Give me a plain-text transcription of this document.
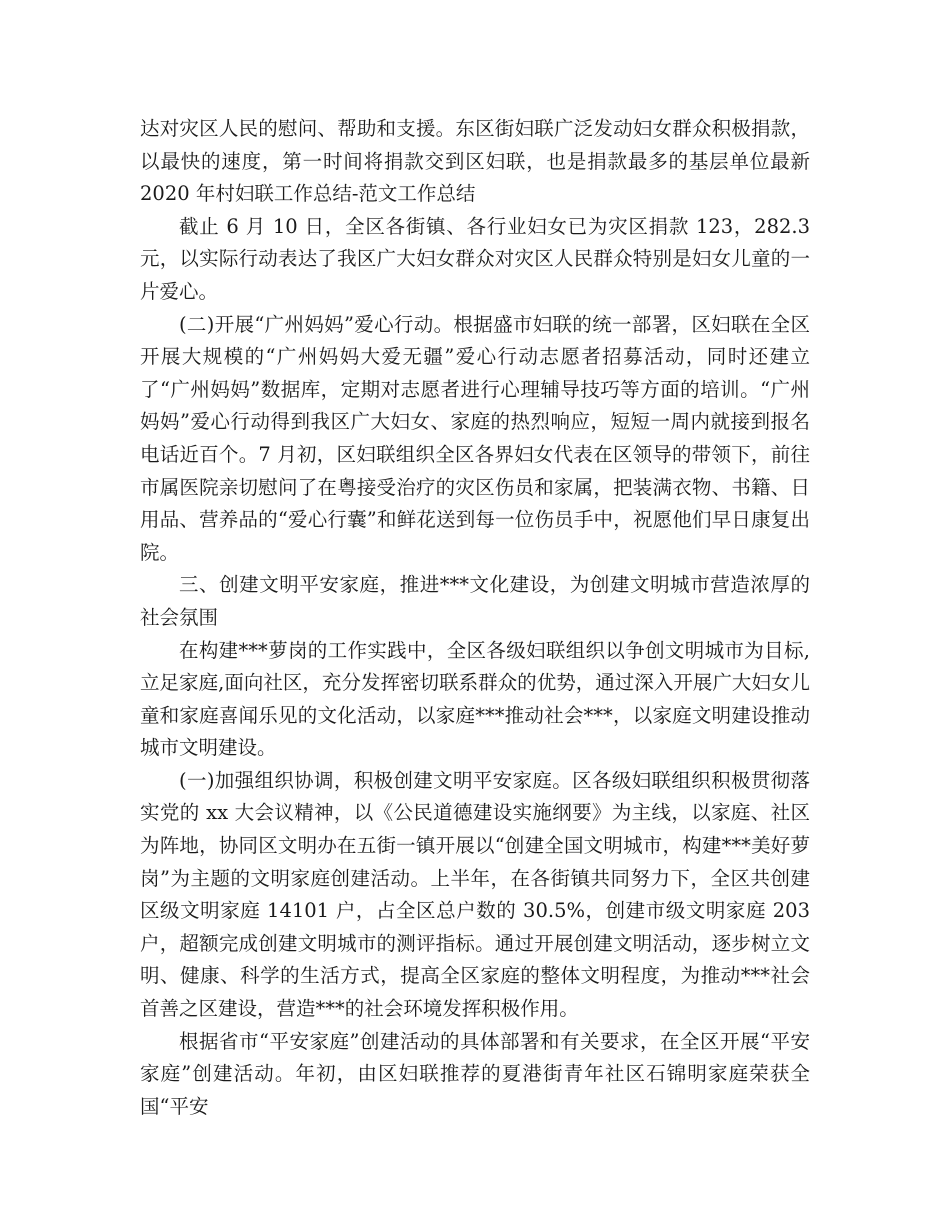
达对灾区人民的慰问、帮助和支援。东区街妇联广泛发动妇女群众积极捐款，以最快的速度，第一时间将捐款交到区妇联，也是捐款最多的基层单位最新 2020 年村妇联工作总结-范文工作总结

截止 6 月 10 日，全区各街镇、各行业妇女已为灾区捐款 123，282.3 元，以实际行动表达了我区广大妇女群众对灾区人民群众特别是妇女儿童的一片爱心。

(二)开展“广州妈妈”爱心行动。根据盛市妇联的统一部署，区妇联在全区开展大规模的“广州妈妈大爱无疆”爱心行动志愿者招募活动，同时还建立了“广州妈妈”数据库，定期对志愿者进行心理辅导技巧等方面的培训。“广州妈妈”爱心行动得到我区广大妇女、家庭的热烈响应，短短一周内就接到报名电话近百个。7 月初，区妇联组织全区各界妇女代表在区领导的带领下，前往市属医院亲切慰问了在粤接受治疗的灾区伤员和家属，把装满衣物、书籍、日用品、营养品的“爱心行囊”和鲜花送到每一位伤员手中，祝愿他们早日康复出院。

三、创建文明平安家庭，推进***文化建设，为创建文明城市营造浓厚的社会氛围

在构建***萝岗的工作实践中，全区各级妇联组织以争创文明城市为目标,立足家庭,面向社区，充分发挥密切联系群众的优势，通过深入开展广大妇女儿童和家庭喜闻乐见的文化活动，以家庭***推动社会***，以家庭文明建设推动城市文明建设。

(一)加强组织协调，积极创建文明平安家庭。区各级妇联组织积极贯彻落实党的 xx 大会议精神，以《公民道德建设实施纲要》为主线，以家庭、社区为阵地，协同区文明办在五街一镇开展以“创建全国文明城市，构建***美好萝岗”为主题的文明家庭创建活动。上半年，在各街镇共同努力下，全区共创建区级文明家庭 14101 户，占全区总户数的 30.5%，创建市级文明家庭 203 户，超额完成创建文明城市的测评指标。通过开展创建文明活动，逐步树立文明、健康、科学的生活方式，提高全区家庭的整体文明程度，为推动***社会首善之区建设，营造***的社会环境发挥积极作用。

根据省市“平安家庭”创建活动的具体部署和有关要求，在全区开展“平安家庭”创建活动。年初，由区妇联推荐的夏港街青年社区石锦明家庭荣获全国“平安
